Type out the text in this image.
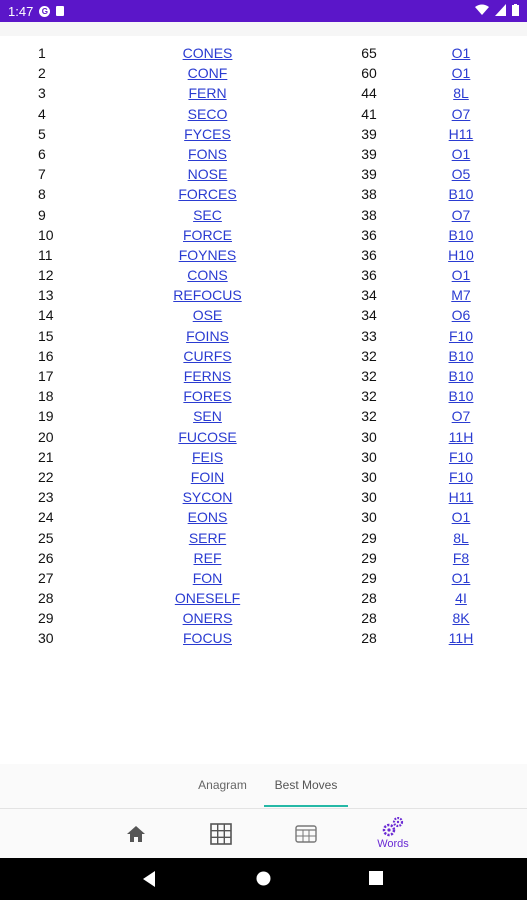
1:47 G
1	CONES	65	O1
2	CONF	60	O1
3	FERN	44	8L
4	SECO	41	O7
5	FYCES	39	H11
6	FONS	39	O1
7	NOSE	39	O5
8	FORCES	38	B10
9	SEC	38	O7
10	FORCE	36	B10
11	FOYNES	36	H10
12	CONS	36	O1
13	REFOCUS	34	M7
14	OSE	34	O6
15	FOINS	33	F10
16	CURFS	32	B10
17	FERNS	32	B10
18	FORES	32	B10
19	SEN	32	O7
20	FUCOSE	30	11H
21	FEIS	30	F10
22	FOIN	30	F10
23	SYCON	30	H11
24	EONS	30	O1
25	SERF	29	8L
26	REF	29	F8
27	FON	29	O1
28	ONESELF	28	4I
29	ONERS	28	8K
30	FOCUS	28	11H
Anagram	Best Moves
Words
